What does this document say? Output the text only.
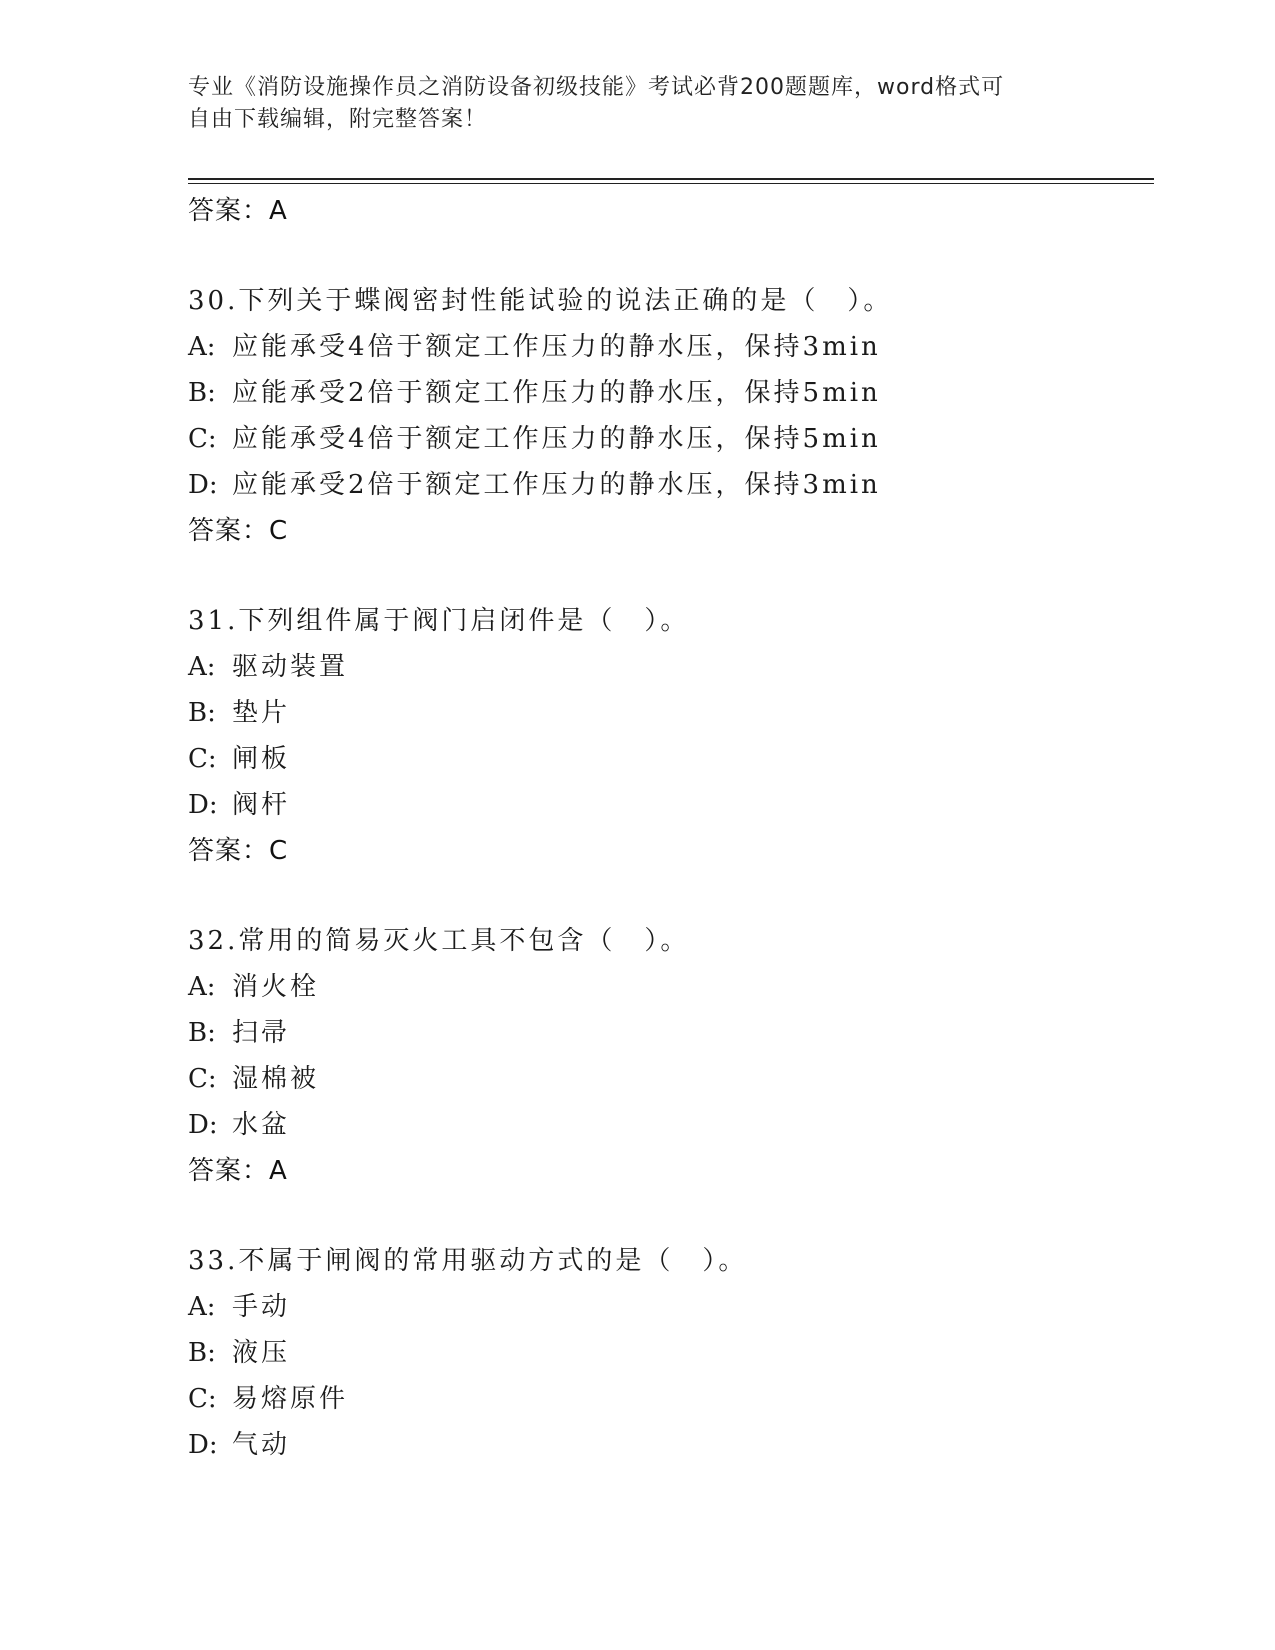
专业《消防设施操作员之消防设备初级技能》考试必背200题题库，word格式可
自由下载编辑，附完整答案！
答案：A
30.下列关于蝶阀密封性能试验的说法正确的是（　）。
A: 应能承受4倍于额定工作压力的静水压，保持3min
B: 应能承受2倍于额定工作压力的静水压，保持5min
C: 应能承受4倍于额定工作压力的静水压，保持5min
D: 应能承受2倍于额定工作压力的静水压，保持3min
答案：C
31.下列组件属于阀门启闭件是（　）。
A: 驱动装置
B: 垫片
C: 闸板
D: 阀杆
答案：C
32.常用的简易灭火工具不包含（　）。
A: 消火栓
B: 扫帚
C: 湿棉被
D: 水盆
答案：A
33.不属于闸阀的常用驱动方式的是（　）。
A: 手动
B: 液压
C: 易熔原件
D: 气动
